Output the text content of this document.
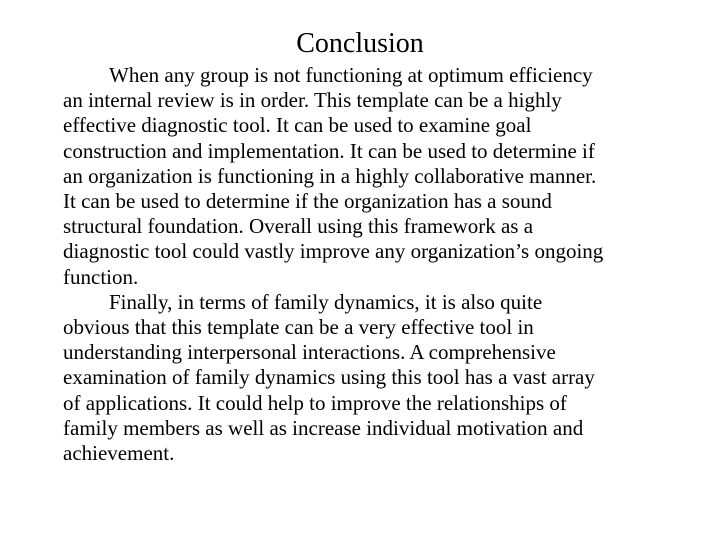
Conclusion
When any group is not functioning at optimum efficiency
an internal review is in order. This template can be a highly
effective diagnostic tool. It can be used to examine goal
construction and implementation. It can be used to determine if
an organization is functioning in a highly collaborative manner.
It can be used to determine if the organization has a sound
structural foundation. Overall using this framework as a
diagnostic tool could vastly improve any organization’s ongoing
function.
Finally, in terms of family dynamics, it is also quite
obvious that this template can be a very effective tool in
understanding interpersonal interactions. A comprehensive
examination of family dynamics using this tool has a vast array
of applications. It could help to improve the relationships of
family members as well as increase individual motivation and
achievement.
